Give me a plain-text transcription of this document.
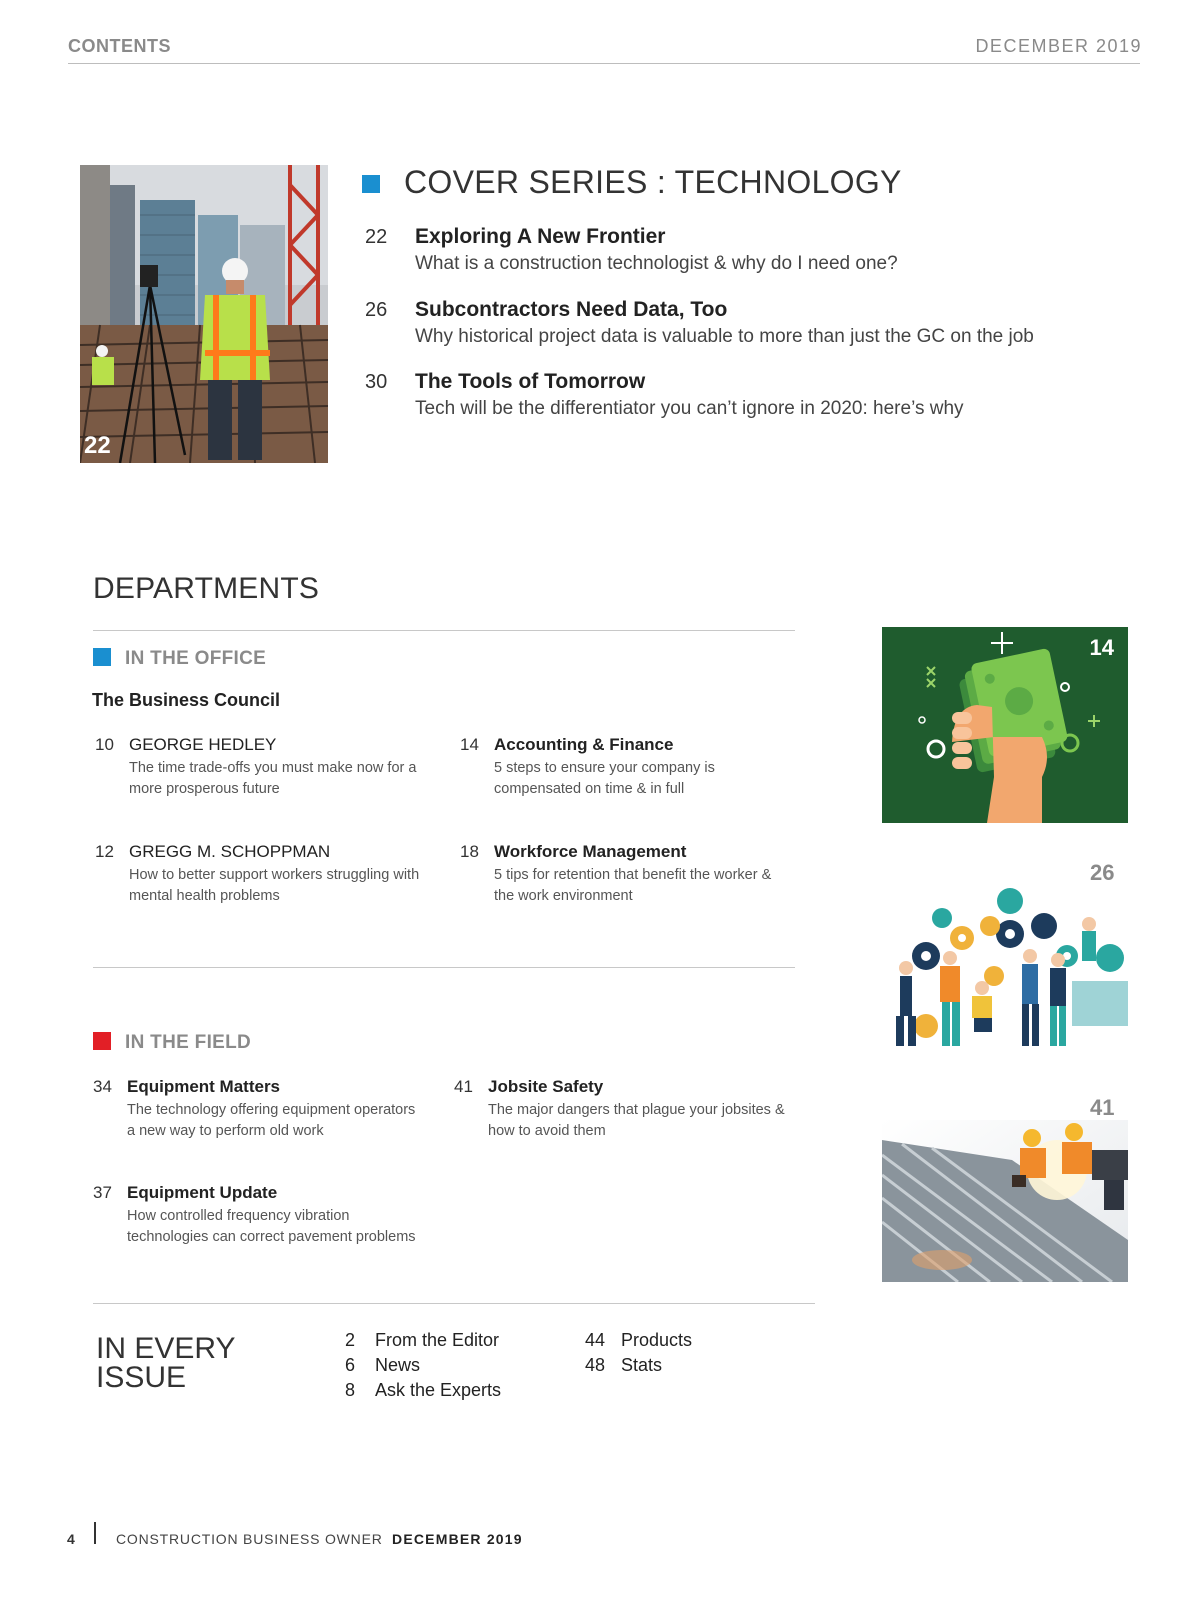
CONTENTS	DECEMBER 2019
22
COVER SERIES : TECHNOLOGY
22 Exploring A New Frontier
What is a construction technologist & why do I need one?
26 Subcontractors Need Data, Too
Why historical project data is valuable to more than just the GC on the job
30 The Tools of Tomorrow
Tech will be the differentiator you can’t ignore in 2020: here’s why
DEPARTMENTS
IN THE OFFICE
The Business Council
10 GEORGE HEDLEY
The time trade-offs you must make now for a more prosperous future
14 Accounting & Finance
5 steps to ensure your company is compensated on time & in full
12 GREGG M. SCHOPPMAN
How to better support workers struggling with mental health problems
18 Workforce Management
5 tips for retention that benefit the worker & the work environment
IN THE FIELD
34 Equipment Matters
The technology offering equipment operators a new way to perform old work
41 Jobsite Safety
The major dangers that plague your jobsites & how to avoid them
37 Equipment Update
How controlled frequency vibration technologies can correct pavement problems
14
26
41
IN EVERY
ISSUE
2 From the Editor
6 News
8 Ask the Experts
44 Products
48 Stats
4	CONSTRUCTION BUSINESS OWNER DECEMBER 2019
